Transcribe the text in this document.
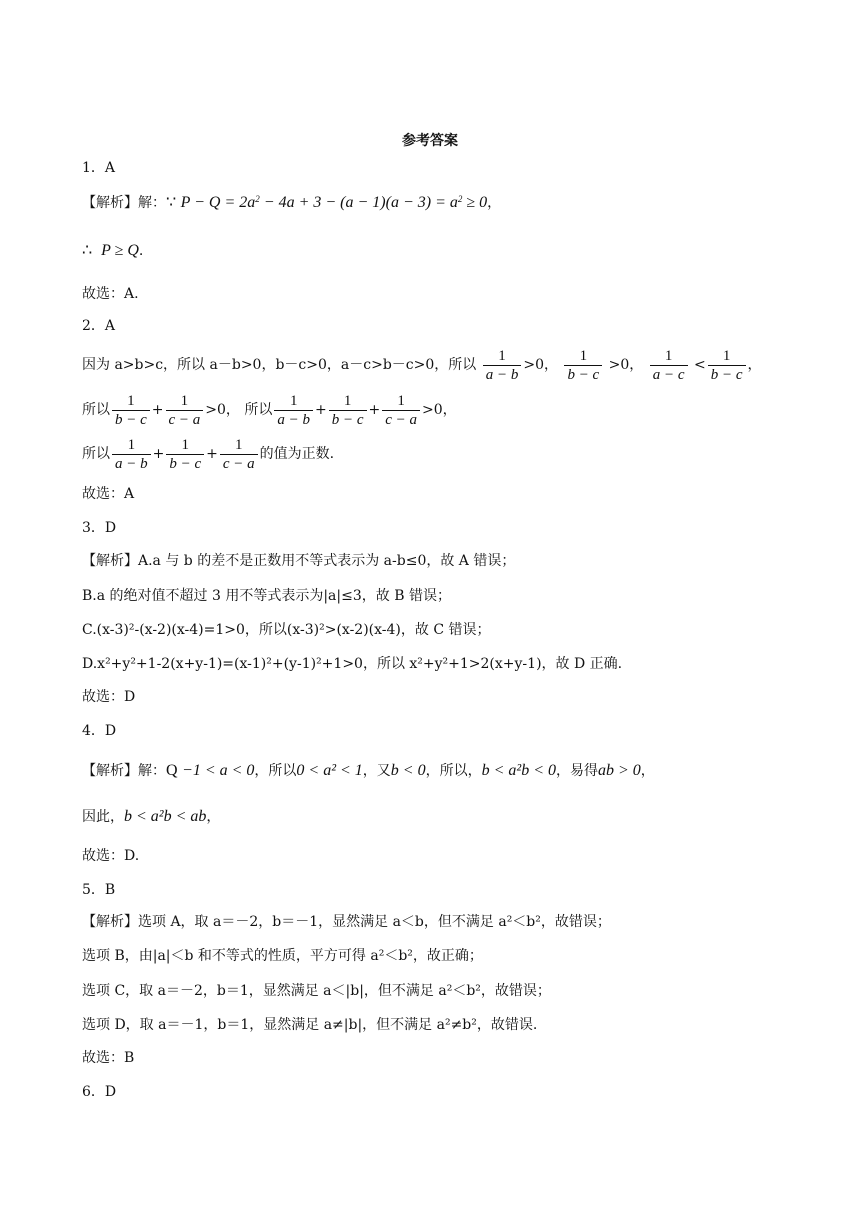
参考答案
1．A
【解析】解：∵ $P - Q = 2a^2 - 4a + 3 - (a - 1)(a - 3) = a^2 \ge 0$，
∴ P ≥ Q.
故选：A.
2．A
因为 a>b>c，所以 a－b>0，b－c>0，a－c>b－c>0，所以 $\frac{1}{a - b} >0$， $\frac{1}{b - c} >0$， $\frac{1}{a - c} < \frac{1}{b - c}$ ，
所以 $\frac{1}{b - c} + \frac{1}{c - a} >0$， 所以 $\frac{1}{a - b} + \frac{1}{b - c} + \frac{1}{c - a} >0$，
所以 $\frac{1}{a - b} + \frac{1}{b - c} + \frac{1}{c - a}$ 的值为正数.
故选：A
3．D
【解析】A.a 与 b 的差不是正数用不等式表示为 a-b≤0，故 A 错误；
B.a 的绝对值不超过 3 用不等式表示为|a|≤3，故 B 错误；
C.(x-3)²-(x-2)(x-4)=1>0，所以(x-3)²>(x-2)(x-4)，故 C 错误；
D.x²+y²+1-2(x+y-1)=(x-1)²+(y-1)²+1>0，所以 x²+y²+1>2(x+y-1)，故 D 正确.
故选：D
4．D
【解析】解：Q −1 < a < 0，所以0 < a² < 1，又b < 0，所以，b < a²b < 0，易得ab > 0，
因此，b < a²b < ab，
故选：D.
5．B
【解析】选项 A，取 a＝－2，b＝－1，显然满足 a＜b，但不满足 a²＜b²，故错误；
选项 B，由|a|＜b 和不等式的性质，平方可得 a²＜b²，故正确；
选项 C，取 a＝－2，b＝1，显然满足 a＜|b|，但不满足 a²＜b²，故错误；
选项 D，取 a＝－1，b＝1，显然满足 a≠|b|，但不满足 a²≠b²，故错误.
故选：B
6．D
